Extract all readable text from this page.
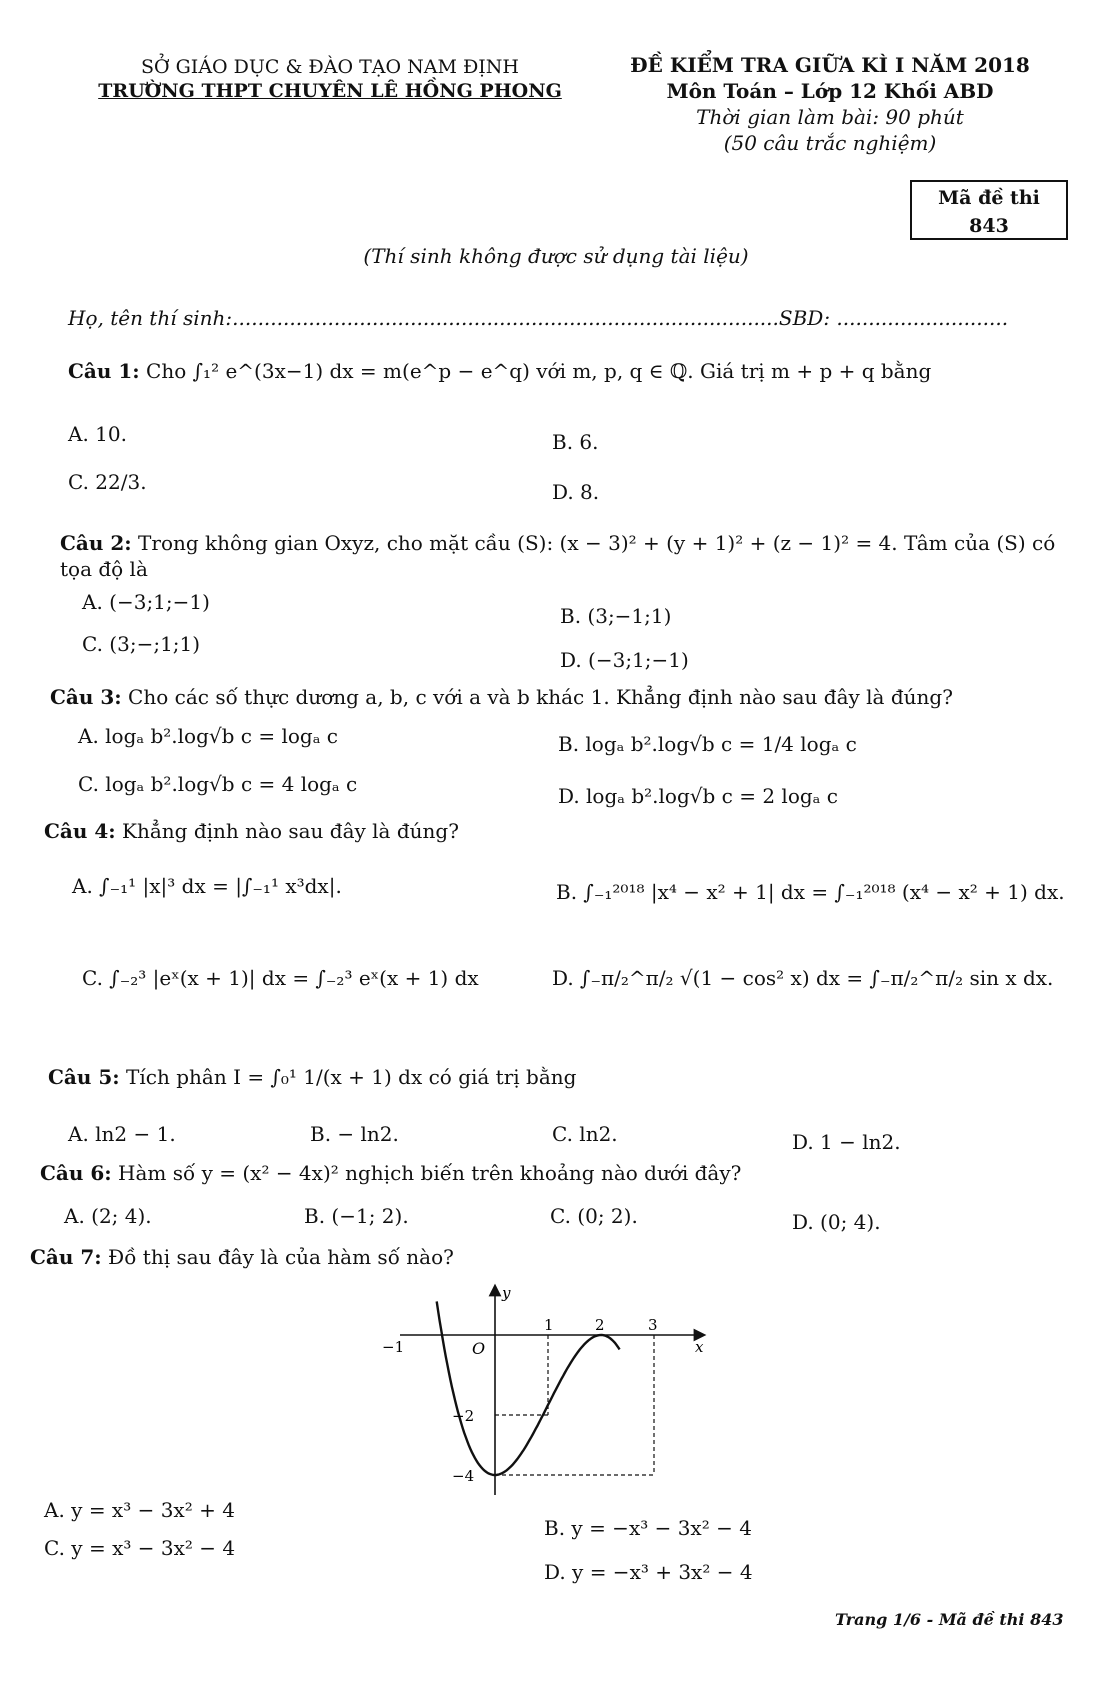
SỞ GIÁO DỤC & ĐÀO TẠO NAM ĐỊNH
TRƯỜNG THPT CHUYÊN LÊ HỒNG PHONG
ĐỀ KIỂM TRA GIỮA KÌ I NĂM 2018
Môn Toán – Lớp 12 Khối ABD
Thời gian làm bài: 90 phút
(50 câu trắc nghiệm)
Mã đề thi
843
(Thí sinh không được sử dụng tài liệu)
Họ, tên thí sinh:......................................................................................SBD: ...........................
Câu 1: Cho ∫₁² e^(3x−1) dx = m(e^p − e^q) với m, p, q ∈ ℚ. Giá trị m + p + q bằng
A. 10.	B. 6.
C. 22/3.	D. 8.
Câu 2: Trong không gian Oxyz, cho mặt cầu (S): (x − 3)² + (y + 1)² + (z − 1)² = 4. Tâm của (S) có
tọa độ là
A. (−3;1;−1)
B. (3;−1;1)
C. (3;−;1;1)
D. (−3;1;−1)
Câu 3: Cho các số thực dương a, b, c với a và b khác 1. Khẳng định nào sau đây là đúng?
A. logₐ b².log√b c = logₐ c	B. logₐ b².log√b c = 1/4 logₐ c
C. logₐ b².log√b c = 4 logₐ c	D. logₐ b².log√b c = 2 logₐ c
Câu 4: Khẳng định nào sau đây là đúng?
A. ∫₋₁¹ |x|³ dx = |∫₋₁¹ x³dx|.	B. ∫₋₁²⁰¹⁸ |x⁴ − x² + 1| dx = ∫₋₁²⁰¹⁸ (x⁴ − x² + 1) dx.
C. ∫₋₂³ |eˣ(x + 1)| dx = ∫₋₂³ eˣ(x + 1) dx	D. ∫₋π/₂^π/₂ √(1 − cos² x) dx = ∫₋π/₂^π/₂ sin x dx.
Câu 5: Tích phân I = ∫₀¹ 1/(x + 1) dx có giá trị bằng
A. ln2 − 1.	B. − ln2.	C. ln2.	D. 1 − ln2.
Câu 6: Hàm số y = (x² − 4x)² nghịch biến trên khoảng nào dưới đây?
A. (2; 4).	B. (−1; 2).	C. (0; 2).	D. (0; 4).
Câu 7: Đồ thị sau đây là của hàm số nào?
y
x
O
−1
1	2	3
−2
−4
A. y = x³ − 3x² + 4
B. y = −x³ − 3x² − 4
C. y = x³ − 3x² − 4
D. y = −x³ + 3x² − 4
Trang 1/6 - Mã đề thi 843
